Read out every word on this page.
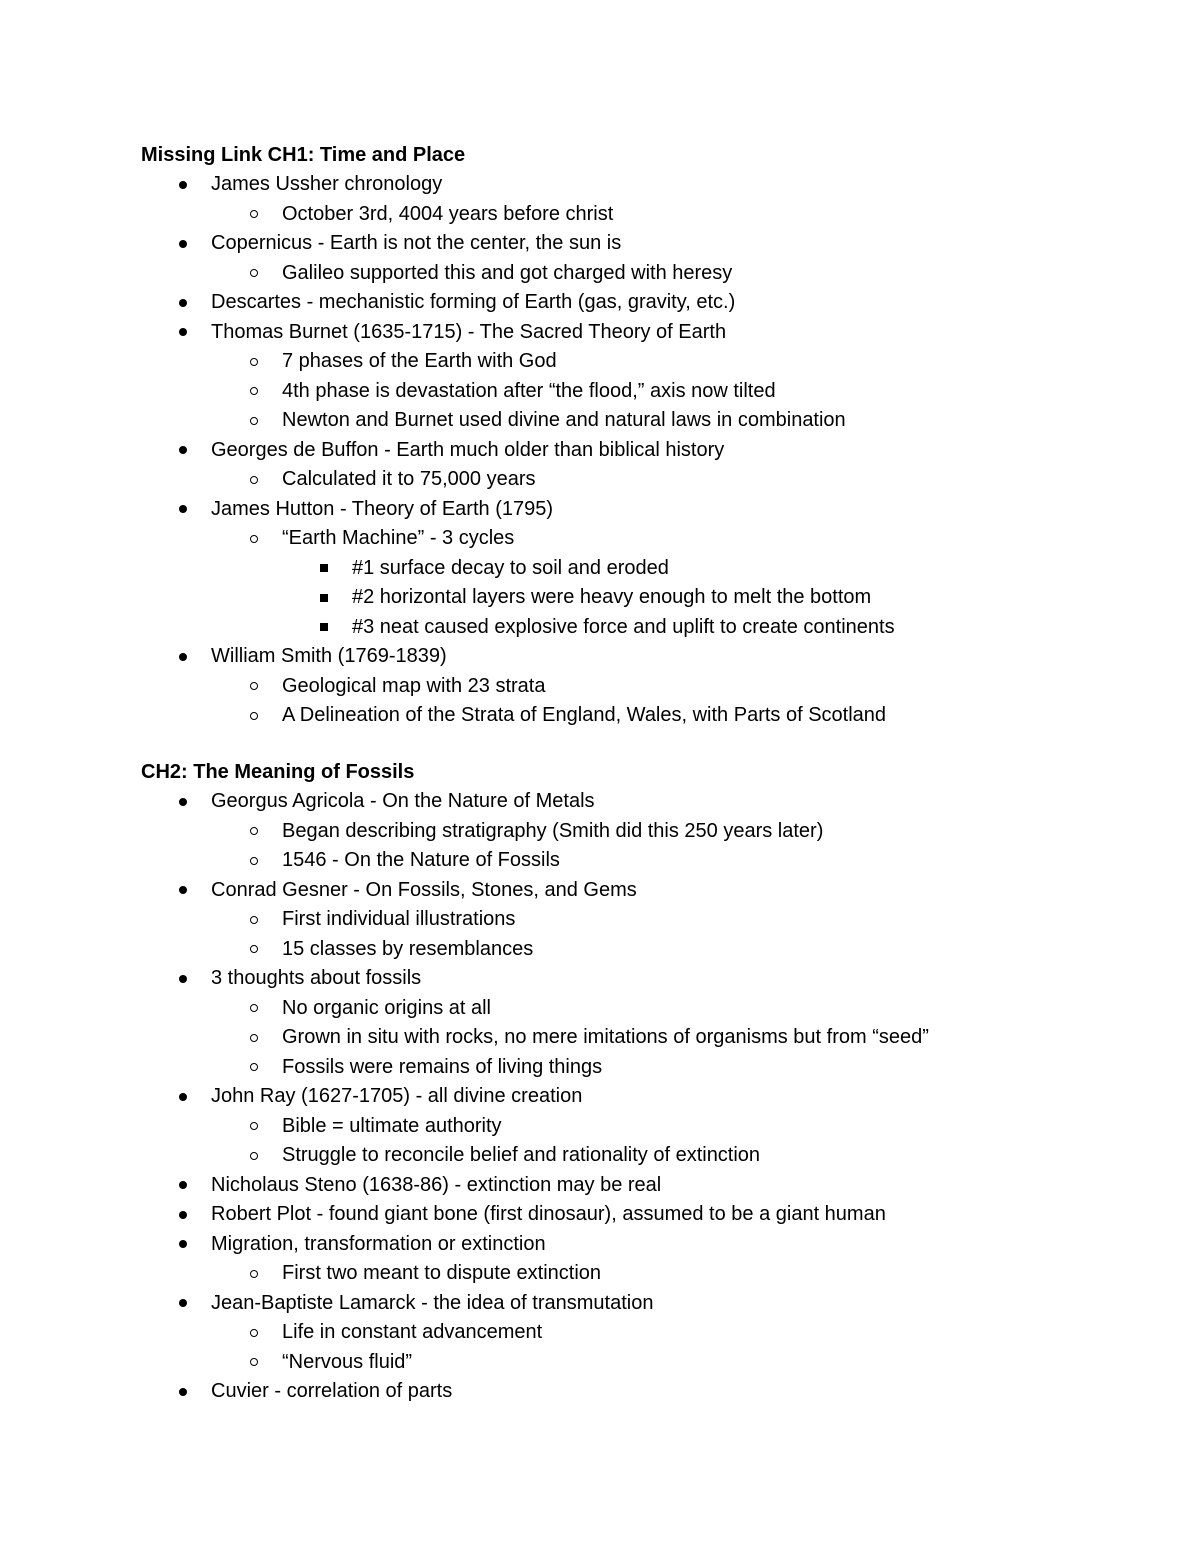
Missing Link CH1: Time and Place
James Ussher chronology
October 3rd, 4004 years before christ
Copernicus - Earth is not the center, the sun is
Galileo supported this and got charged with heresy
Descartes - mechanistic forming of Earth (gas, gravity, etc.)
Thomas Burnet (1635-1715) - The Sacred Theory of Earth
7 phases of the Earth with God
4th phase is devastation after “the flood,” axis now tilted
Newton and Burnet used divine and natural laws in combination
Georges de Buffon - Earth much older than biblical history
Calculated it to 75,000 years
James Hutton - Theory of Earth (1795)
“Earth Machine” - 3 cycles
#1 surface decay to soil and eroded
#2 horizontal layers were heavy enough to melt the bottom
#3 neat caused explosive force and uplift to create continents
William Smith (1769-1839)
Geological map with 23 strata
A Delineation of the Strata of England, Wales, with Parts of Scotland
CH2: The Meaning of Fossils
Georgus Agricola - On the Nature of Metals
Began describing stratigraphy (Smith did this 250 years later)
1546 - On the Nature of Fossils
Conrad Gesner - On Fossils, Stones, and Gems
First individual illustrations
15 classes by resemblances
3 thoughts about fossils
No organic origins at all
Grown in situ with rocks, no mere imitations of organisms but from “seed”
Fossils were remains of living things
John Ray (1627-1705) - all divine creation
Bible = ultimate authority
Struggle to reconcile belief and rationality of extinction
Nicholaus Steno (1638-86) - extinction may be real
Robert Plot - found giant bone (first dinosaur), assumed to be a giant human
Migration, transformation or extinction
First two meant to dispute extinction
Jean-Baptiste Lamarck - the idea of transmutation
Life in constant advancement
“Nervous fluid”
Cuvier - correlation of parts
